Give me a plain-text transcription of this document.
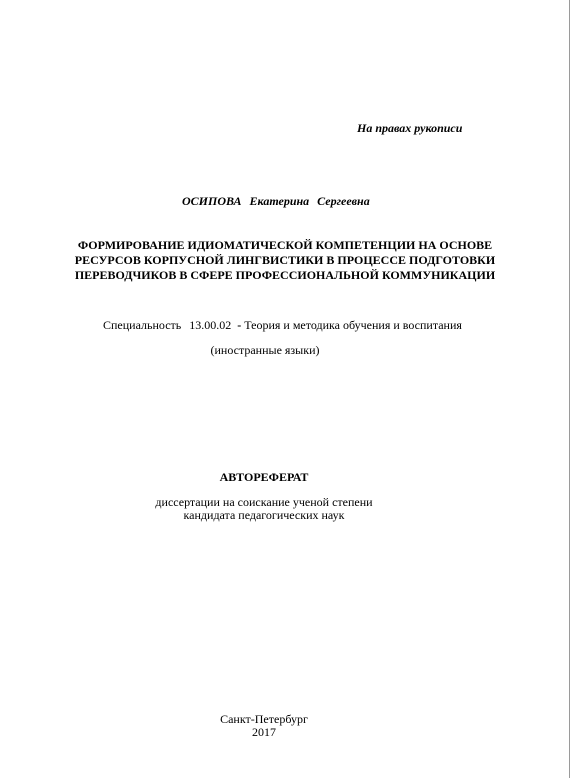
На правах рукописи
ОСИПОВА Екатерина Сергеевна
ФОРМИРОВАНИЕ ИДИОМАТИЧЕСКОЙ КОМПЕТЕНЦИИ НА ОСНОВЕ
РЕСУРСОВ КОРПУСНОЙ ЛИНГВИСТИКИ В ПРОЦЕССЕ ПОДГОТОВКИ
ПЕРЕВОДЧИКОВ В СФЕРЕ ПРОФЕССИОНАЛЬНОЙ КОММУНИКАЦИИ
Специальность 13.00.02 - Теория и методика обучения и воспитания
(иностранные языки)
АВТОРЕФЕРАТ
диссертации на соискание ученой степени
кандидата педагогических наук
Санкт-Петербург
2017
